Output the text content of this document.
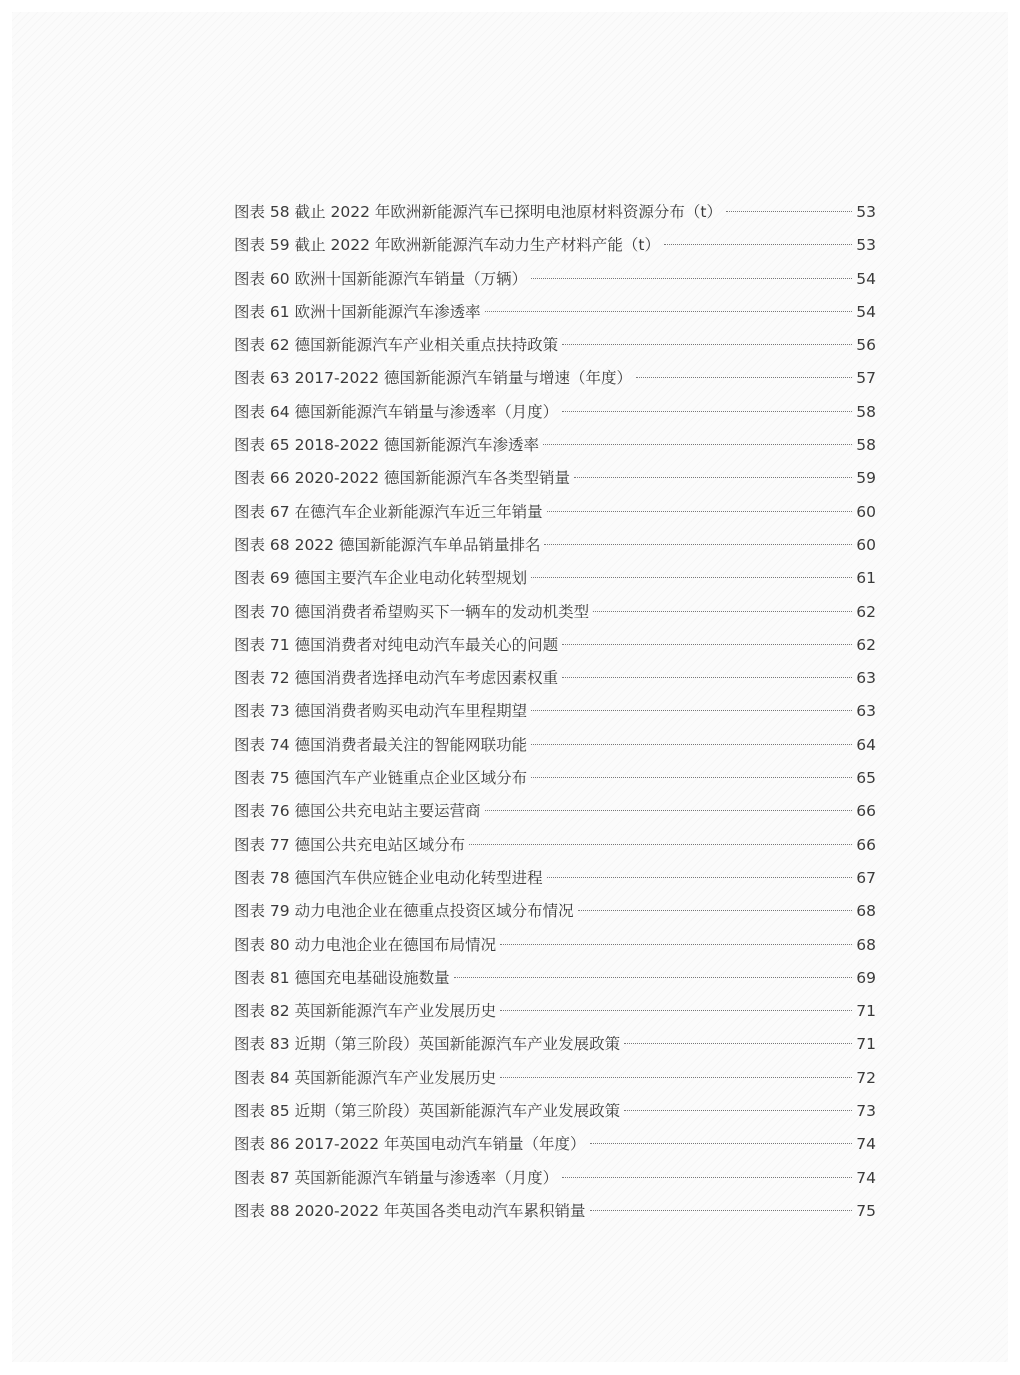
图表 58 截止 2022 年欧洲新能源汽车已探明电池原材料资源分布（t）	53
图表 59 截止 2022 年欧洲新能源汽车动力生产材料产能（t）	53
图表 60 欧洲十国新能源汽车销量（万辆）	54
图表 61 欧洲十国新能源汽车渗透率	54
图表 62 德国新能源汽车产业相关重点扶持政策	56
图表 63 2017-2022 德国新能源汽车销量与增速（年度）	57
图表 64 德国新能源汽车销量与渗透率（月度）	58
图表 65 2018-2022 德国新能源汽车渗透率	58
图表 66 2020-2022 德国新能源汽车各类型销量	59
图表 67 在德汽车企业新能源汽车近三年销量	60
图表 68 2022 德国新能源汽车单品销量排名	60
图表 69 德国主要汽车企业电动化转型规划	61
图表 70 德国消费者希望购买下一辆车的发动机类型	62
图表 71 德国消费者对纯电动汽车最关心的问题	62
图表 72 德国消费者选择电动汽车考虑因素权重	63
图表 73 德国消费者购买电动汽车里程期望	63
图表 74 德国消费者最关注的智能网联功能	64
图表 75 德国汽车产业链重点企业区域分布	65
图表 76 德国公共充电站主要运营商	66
图表 77 德国公共充电站区域分布	66
图表 78 德国汽车供应链企业电动化转型进程	67
图表 79 动力电池企业在德重点投资区域分布情况	68
图表 80 动力电池企业在德国布局情况	68
图表 81 德国充电基础设施数量	69
图表 82 英国新能源汽车产业发展历史	71
图表 83 近期（第三阶段）英国新能源汽车产业发展政策	71
图表 84 英国新能源汽车产业发展历史	72
图表 85 近期（第三阶段）英国新能源汽车产业发展政策	73
图表 86 2017-2022 年英国电动汽车销量（年度）	74
图表 87 英国新能源汽车销量与渗透率（月度）	74
图表 88 2020-2022 年英国各类电动汽车累积销量	75
